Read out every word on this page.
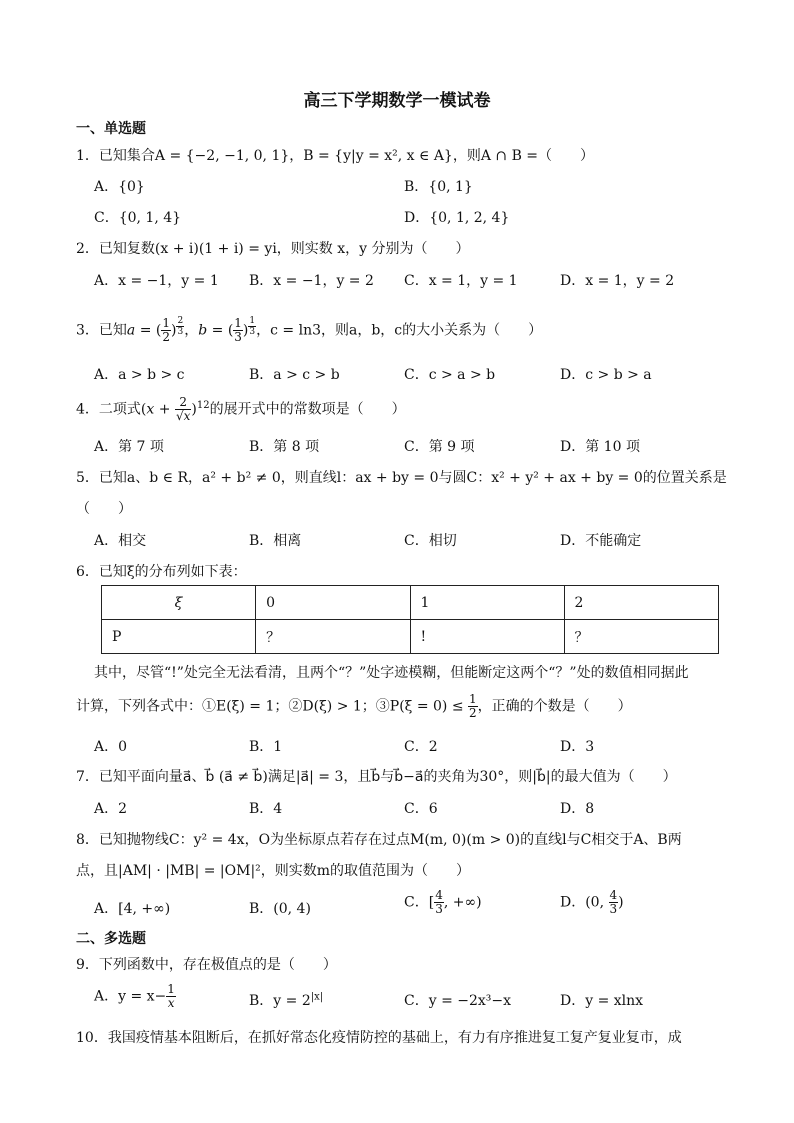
高三下学期数学一模试卷
一、单选题
1．已知集合A = {−2, −1, 0, 1}，B = {y|y = x², x ∈ A}，则A ∩ B =（　　）
A．{0}	B．{0, 1}
C．{0, 1, 4}	D．{0, 1, 2, 4}
2．已知复数(x + i)(1 + i) = yi，则实数 x，y 分别为（　　）
A．x = −1，y = 1 B．x = −1，y = 2 C．x = 1，y = 1	D．x = 1，y = 2
3．已知a = ( $\frac{1}{2}$ ) $^{\frac{2}{3}}$ ，b = ( $\frac{1}{3}$ ) $^{\frac{1}{3}}$ ，c = ln3，则a，b，c的大小关系为（　　）
A．a > b > c	B．a > c > b	C．c > a > b	D．c > b > a
4．二项式$(x + \frac{2}{√x} )^{12}$的展开式中的常数项是（　　）
A．第 7 项	B．第 8 项	C．第 9 项	D．第 10 项
5．已知a、b ∈ R，a² + b² ≠ 0，则直线l：ax + by = 0与圆C：x² + y² + ax + by = 0的位置关系是
（　　）
A．相交	B．相离	C．相切	D．不能确定
6．已知ξ的分布列如下表：
ξ	0	1	2
P	？	!	？
其中，尽管“!”处完全无法看清，且两个“？”处字迹模糊，但能断定这两个“？”处的数值相同据此
计算，下列各式中：①E(ξ) = 1；②D(ξ) > 1；③P(ξ = $0) \le \frac{1}{2}$ ，正确的个数是（　　）
A．0	B．1	C．2	D．3
7．已知平面向量a⃗、b⃗ (a⃗ ≠ b⃗)满足|a⃗| = 3，且b⃗与b⃗−a⃗的夹角为30°，则|b⃗|的最大值为（　　）
A．2	B．4	C．6	D．8
8．已知抛物线C：y² = 4x，O为坐标原点若存在过点M(m, 0)(m > 0)的直线l与C相交于A、B两
点，且|AM| · |MB| = |OM|²，则实数m的取值范围为（　　）
A．[4, +∞)	B．(0, 4)	C．[ $\frac{4}{3}$ , +∞)	D．(0, $\frac{4}{3}$ )
二、多选题
9．下列函数中，存在极值点的是（　　）
A．$y = x- \frac{1}{x}$	B．$y = 2^{|x|}$	C．y = −2x³−x	D．y = xlnx
10．我国疫情基本阻断后，在抓好常态化疫情防控的基础上，有力有序推进复工复产复业复市，成
